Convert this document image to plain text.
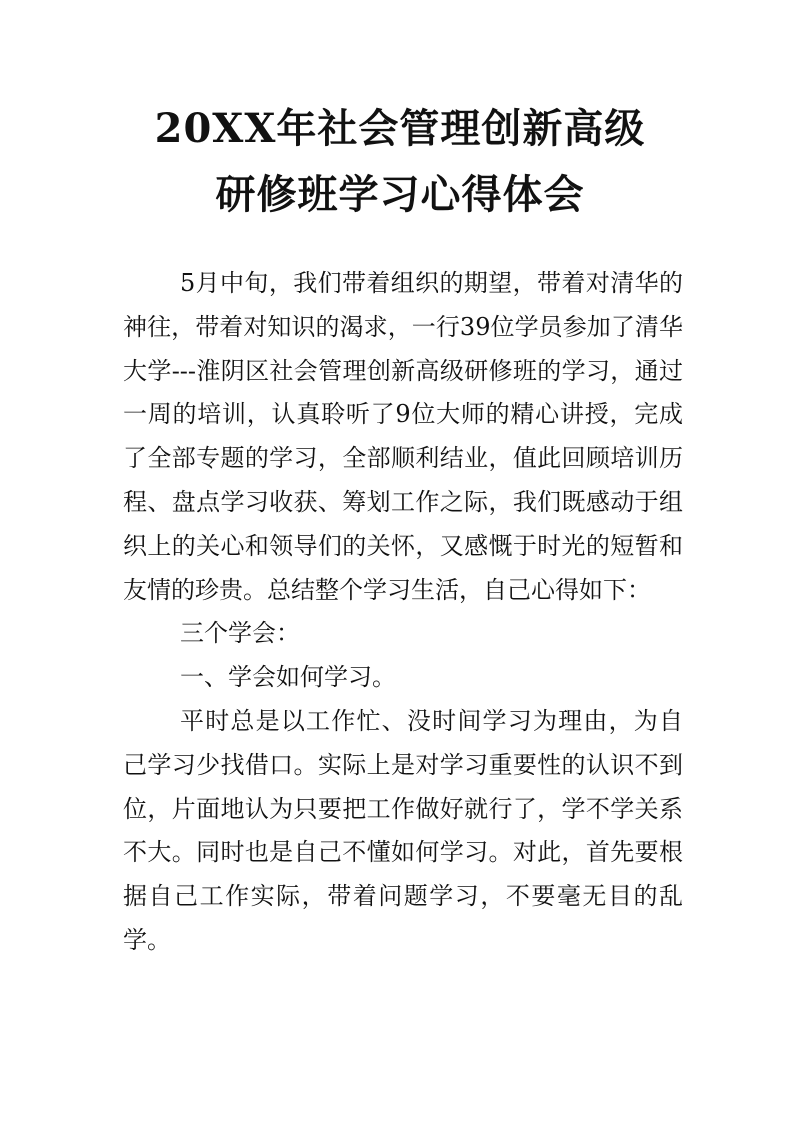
20XX年社会管理创新高级
研修班学习心得体会

5月中旬，我们带着组织的期望，带着对清华的神往，带着对知识的渴求，一行39位学员参加了清华大学---淮阴区社会管理创新高级研修班的学习，通过一周的培训，认真聆听了9位大师的精心讲授，完成了全部专题的学习，全部顺利结业，值此回顾培训历程、盘点学习收获、筹划工作之际，我们既感动于组织上的关心和领导们的关怀，又感慨于时光的短暂和友情的珍贵。总结整个学习生活，自己心得如下：

三个学会：

一、学会如何学习。

平时总是以工作忙、没时间学习为理由，为自己学习少找借口。实际上是对学习重要性的认识不到位，片面地认为只要把工作做好就行了，学不学关系不大。同时也是自己不懂如何学习。对此，首先要根据自己工作实际，带着问题学习，不要毫无目的乱学。
